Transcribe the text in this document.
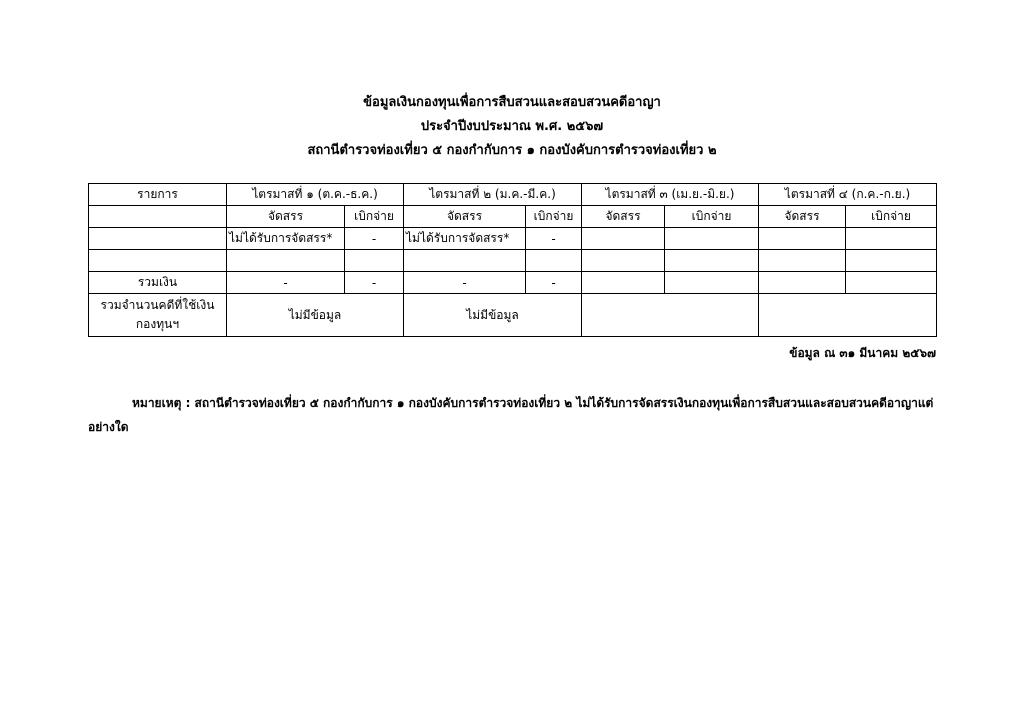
ข้อมูลเงินกองทุนเพื่อการสืบสวนและสอบสวนคดีอาญา
ประจำปีงบประมาณ พ.ศ. ๒๕๖๗
สถานีตำรวจท่องเที่ยว ๕ กองกำกับการ ๑ กองบังคับการตำรวจท่องเที่ยว ๒
รายการ	ไตรมาสที่ ๑ (ต.ค.-ธ.ค.)		ไตรมาสที่ ๒ (ม.ค.-มี.ค.)		ไตรมาสที่ ๓ (เม.ย.-มิ.ย.)		ไตรมาสที่ ๔ (ก.ค.-ก.ย.)	
	จัดสรร	เบิกจ่าย	จัดสรร	เบิกจ่าย	จัดสรร	เบิกจ่าย	จัดสรร	เบิกจ่าย
	ไม่ได้รับการจัดสรร*	-	ไม่ได้รับการจัดสรร*	-				

รวมเงิน	-	-	-	-				
รวมจำนวนคดีที่ใช้เงินกองทุนฯ	ไม่มีข้อมูล		ไม่มีข้อมูล					
ข้อมูล ณ ๓๑ มีนาคม ๒๕๖๗
หมายเหตุ : สถานีตำรวจท่องเที่ยว ๕ กองกำกับการ ๑ กองบังคับการตำรวจท่องเที่ยว ๒ ไม่ได้รับการจัดสรรเงินกองทุนเพื่อการสืบสวนและสอบสวนคดีอาญาแต่อย่างใด
